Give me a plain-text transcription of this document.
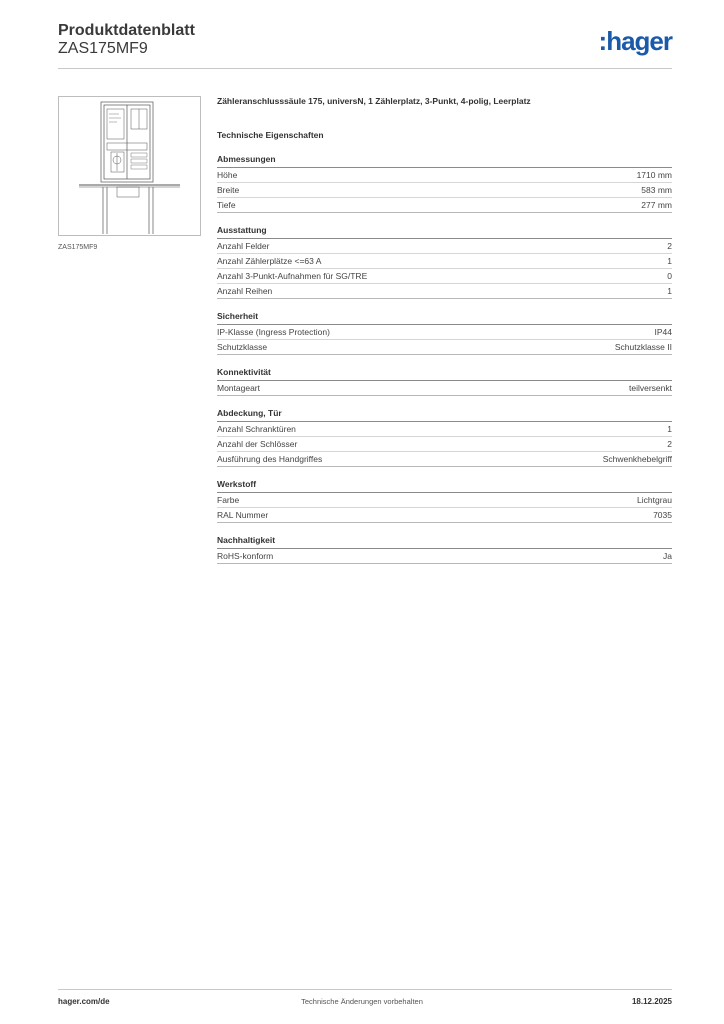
Produktdatenblatt
ZAS175MF9	:hager
ZAS175MF9
Zähleranschlusssäule 175, universN, 1 Zählerplatz, 3-Punkt, 4-polig, Leerplatz
Technische Eigenschaften
Abmessungen
Höhe	1710 mm
Breite	583 mm
Tiefe	277 mm
Ausstattung
Anzahl Felder	2
Anzahl Zählerplätze <=63 A	1
Anzahl 3-Punkt-Aufnahmen für SG/TRE	0
Anzahl Reihen	1
Sicherheit
IP-Klasse (Ingress Protection)	IP44
Schutzklasse	Schutzklasse II
Konnektivität
Montageart	teilversenkt
Abdeckung, Tür
Anzahl Schranktüren	1
Anzahl der Schlösser	2
Ausführung des Handgriffes	Schwenkhebelgriff
Werkstoff
Farbe	Lichtgrau
RAL Nummer	7035
Nachhaltigkeit
RoHS-konform	Ja
hager.com/de	Technische Änderungen vorbehalten	18.12.2025
